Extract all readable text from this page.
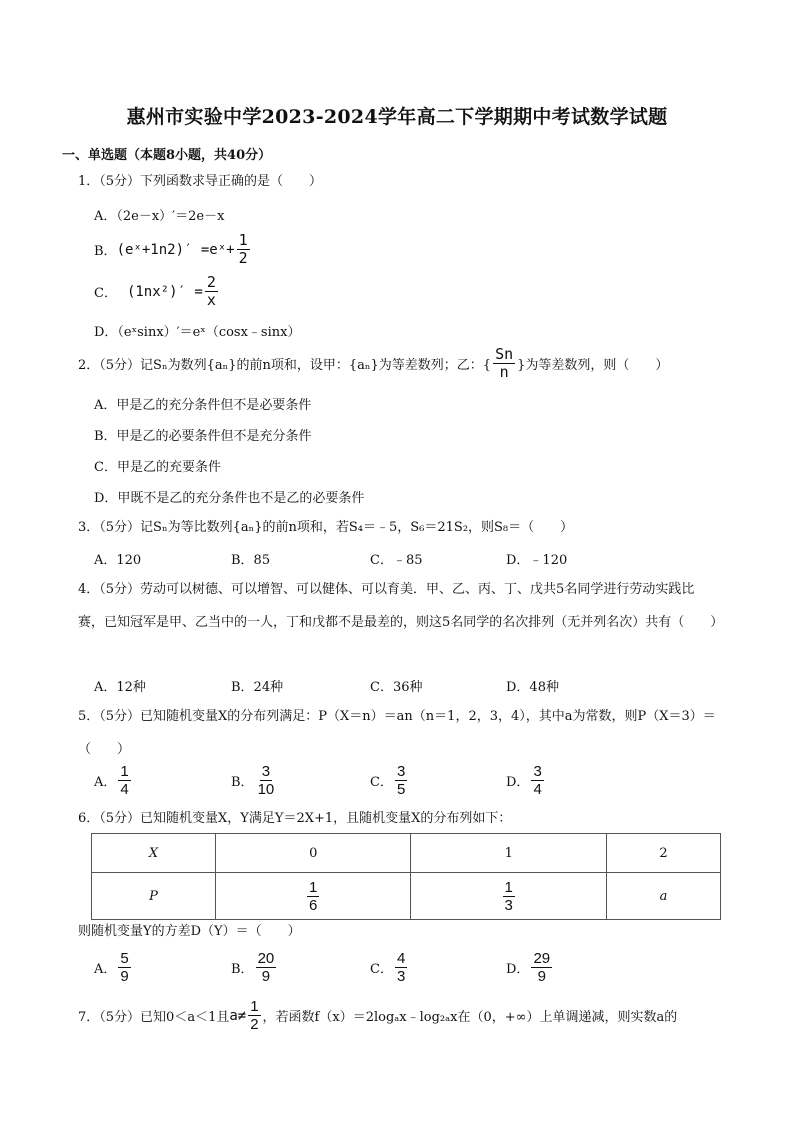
惠州市实验中学2023-2024学年高二下学期期中考试数学试题
一、单选题（本题8小题，共40分）
1．（5分）下列函数求导正确的是（　　）
A．（2e－x）′＝2e－x
B． (eˣ+1n2)′ =eˣ+ $\frac{1}{2}$
C． $(1nx^2)' = \frac{2}{x}$
D．（eˣsinx）′＝eˣ（cosx﹣sinx）
2．（5分）记Sₙ为数列{aₙ}的前n项和，设甲：{aₙ}为等差数列；乙：{ $\frac{Sn}{n}$ }为等差数列，则（　　）
A．甲是乙的充分条件但不是必要条件
B．甲是乙的必要条件但不是充分条件
C．甲是乙的充要条件
D．甲既不是乙的充分条件也不是乙的必要条件
3．（5分）记Sₙ为等比数列{aₙ}的前n项和，若S₄＝﹣5，S₆＝21S₂，则S₈＝（　　）
A．120	B．85	C．﹣85	D．﹣120
4．（5分）劳动可以树德、可以增智、可以健体、可以育美．甲、乙、丙、丁、戊共5名同学进行劳动实践比赛，已知冠军是甲、乙当中的一人，丁和戊都不是最差的，则这5名同学的名次排列（无并列名次）共有（　　）
A．12种	B．24种	C．36种	D．48种
5．（5分）已知随机变量X的分布列满足：P（X＝n）＝an（n＝1，2，3，4），其中a为常数，则P（X＝3）＝（　　）
A． $\frac{1}{4}$	B． $\frac{3}{10}$	C． $\frac{3}{5}$	D． $\frac{3}{4}$
6．（5分）已知随机变量X，Y满足Y＝2X+1，且随机变量X的分布列如下：
X	0	1	2
P	$\frac{1}{6}$	$\frac{1}{3}$	a
则随机变量Y的方差D（Y）＝（　　）
A． $\frac{5}{9}$	B． $\frac{20}{9}$	C． $\frac{4}{3}$	D． $\frac{29}{9}$
7．（5分）已知0＜a＜1且 $a\ne \frac{1}{2}$ ，若函数f（x）＝2logₐx﹣log₂ₐx在（0，+∞）上单调递减，则实数a的
